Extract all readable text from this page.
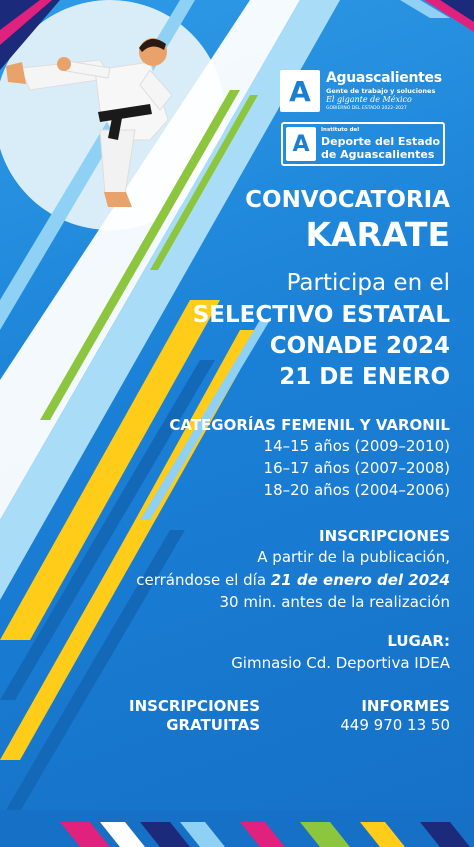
A	Aguascalientes
Gente de trabajo y soluciones
El gigante de México
GOBIERNO DEL ESTADO 2022–2027
A
Instituto del
Deporte del Estado
de Aguascalientes
CONVOCATORIA
KARATE
Participa en el
SELECTIVO ESTATAL
CONADE 2024
21 DE ENERO
CATEGORÍAS FEMENIL Y VARONIL
14–15 años (2009–2010)
16–17 años (2007–2008)
18–20 años (2004–2006)
INSCRIPCIONES
A partir de la publicación,
cerrándose el día 21 de enero del 2024
30 min. antes de la realización
LUGAR:
Gimnasio Cd. Deportiva IDEA
INSCRIPCIONES
GRATUITAS
INFORMES
449 970 13 50
